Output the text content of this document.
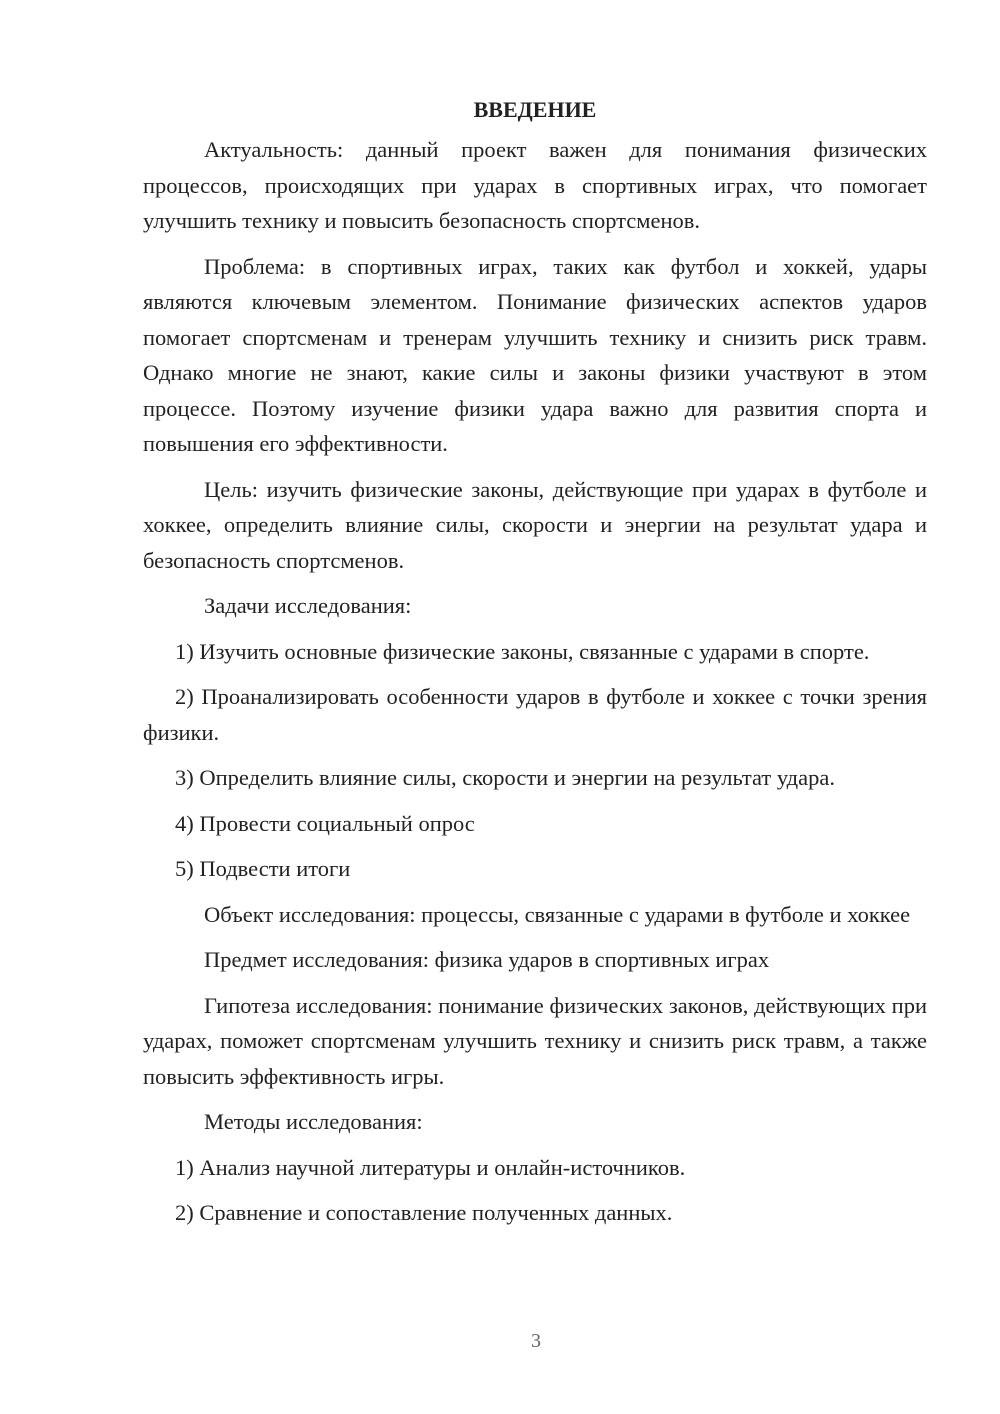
ВВЕДЕНИЕ

Актуальность: данный проект важен для понимания физических процессов, происходящих при ударах в спортивных играх, что помогает улучшить технику и повысить безопасность спортсменов.

Проблема: в спортивных играх, таких как футбол и хоккей, удары являются ключевым элементом. Понимание физических аспектов ударов помогает спортсменам и тренерам улучшить технику и снизить риск травм. Однако многие не знают, какие силы и законы физики участвуют в этом процессе. Поэтому изучение физики удара важно для развития спорта и повышения его эффективности.

Цель: изучить физические законы, действующие при ударах в футболе и хоккее, определить влияние силы, скорости и энергии на результат удара и безопасность спортсменов.

Задачи исследования:

1) Изучить основные физические законы, связанные с ударами в спорте.

2) Проанализировать особенности ударов в футболе и хоккее с точки зрения физики.

3) Определить влияние силы, скорости и энергии на результат удара.

4) Провести социальный опрос

5) Подвести итоги

Объект исследования: процессы, связанные с ударами в футболе и хоккее

Предмет исследования: физика ударов в спортивных играх

Гипотеза исследования: понимание физических законов, действующих при ударах, поможет спортсменам улучшить технику и снизить риск травм, а также повысить эффективность игры.

Методы исследования:

1) Анализ научной литературы и онлайн-источников.

2) Сравнение и сопоставление полученных данных.

3
